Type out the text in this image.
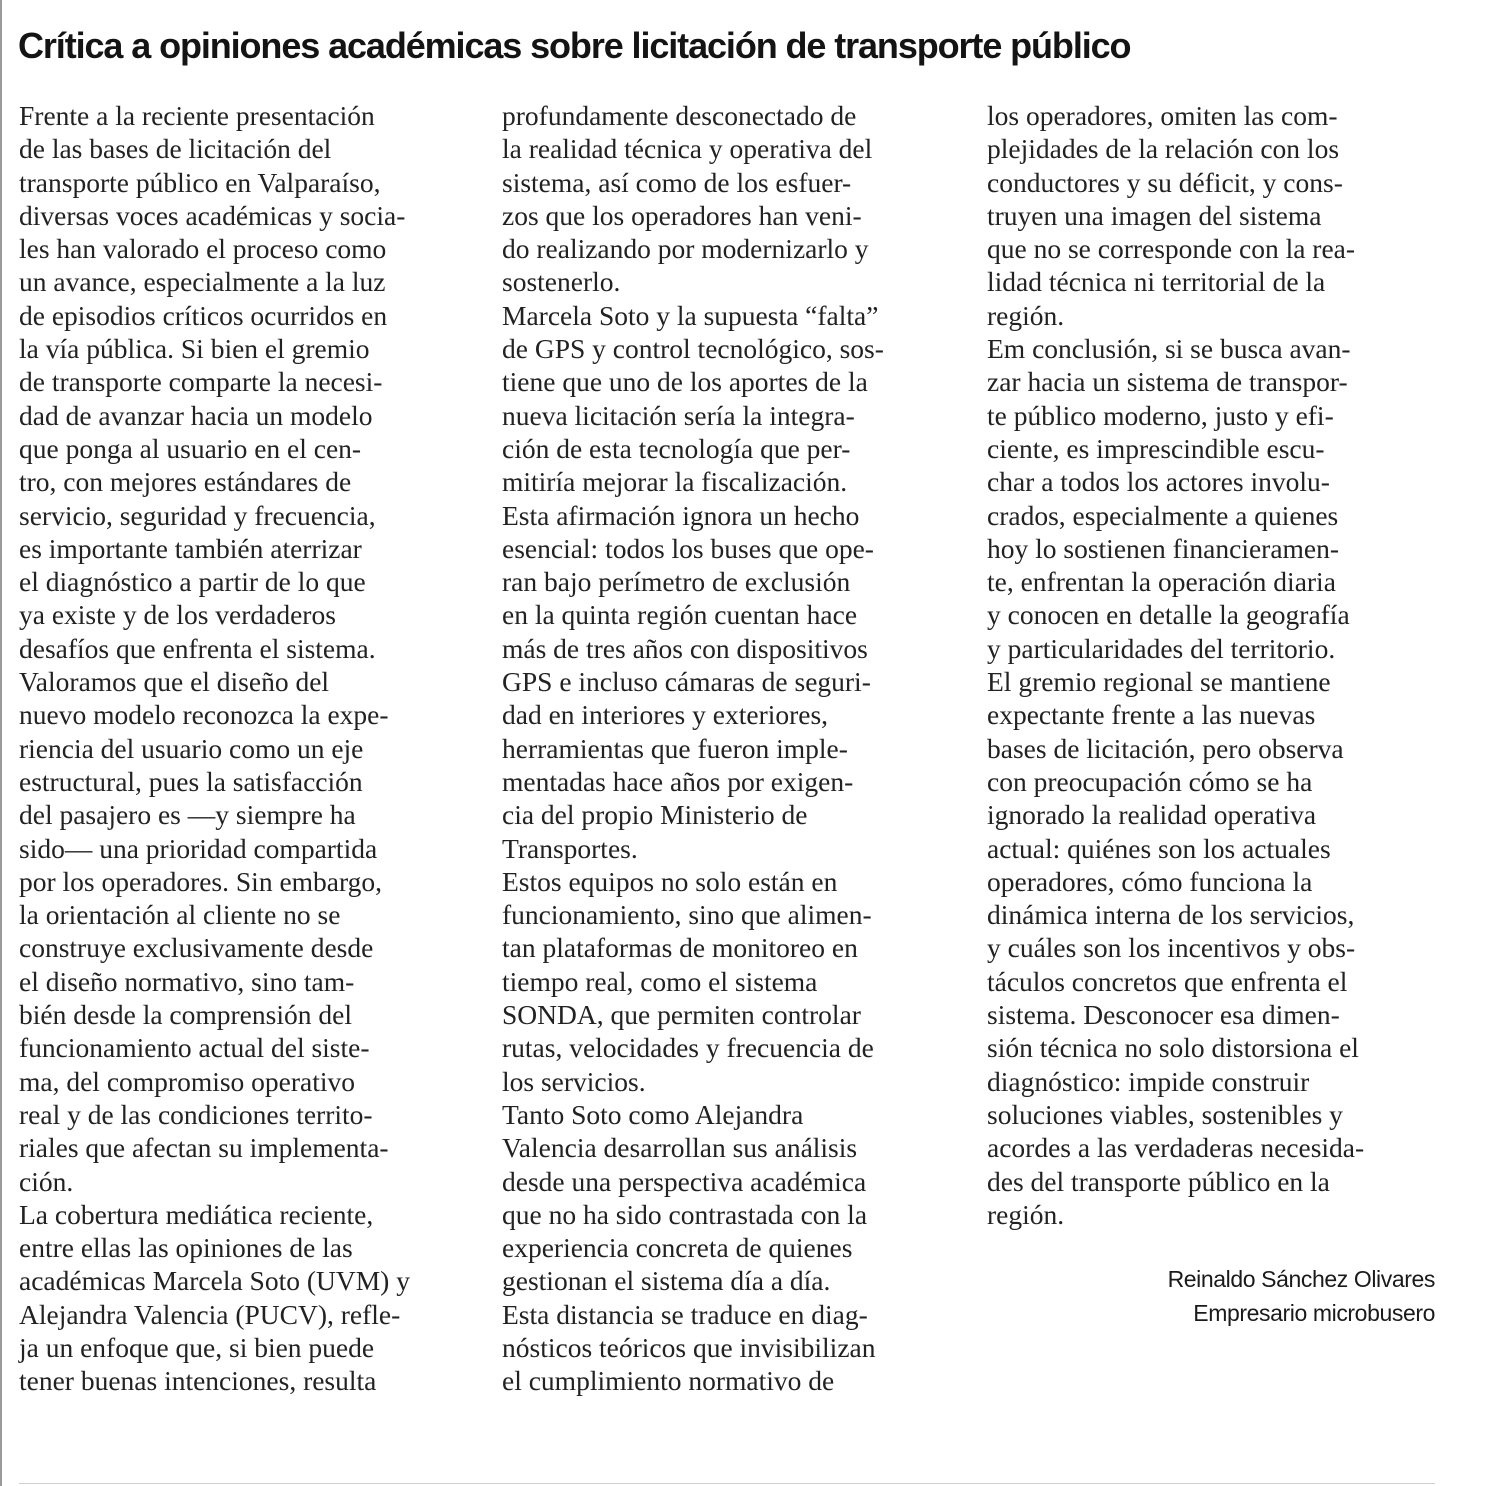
Crítica a opiniones académicas sobre licitación de transporte público
Frente a la reciente presentación
de las bases de licitación del
transporte público en Valparaíso,
diversas voces académicas y socia-
les han valorado el proceso como
un avance, especialmente a la luz
de episodios críticos ocurridos en
la vía pública. Si bien el gremio
de transporte comparte la necesi-
dad de avanzar hacia un modelo
que ponga al usuario en el cen-
tro, con mejores estándares de
servicio, seguridad y frecuencia,
es importante también aterrizar
el diagnóstico a partir de lo que
ya existe y de los verdaderos
desafíos que enfrenta el sistema.
Valoramos que el diseño del
nuevo modelo reconozca la expe-
riencia del usuario como un eje
estructural, pues la satisfacción
del pasajero es —y siempre ha
sido— una prioridad compartida
por los operadores. Sin embargo,
la orientación al cliente no se
construye exclusivamente desde
el diseño normativo, sino tam-
bién desde la comprensión del
funcionamiento actual del siste-
ma, del compromiso operativo
real y de las condiciones territo-
riales que afectan su implementa-
ción.
La cobertura mediática reciente,
entre ellas las opiniones de las
académicas Marcela Soto (UVM) y
Alejandra Valencia (PUCV), refle-
ja un enfoque que, si bien puede
tener buenas intenciones, resulta
profundamente desconectado de
la realidad técnica y operativa del
sistema, así como de los esfuer-
zos que los operadores han veni-
do realizando por modernizarlo y
sostenerlo.
Marcela Soto y la supuesta “falta”
de GPS y control tecnológico, sos-
tiene que uno de los aportes de la
nueva licitación sería la integra-
ción de esta tecnología que per-
mitiría mejorar la fiscalización.
Esta afirmación ignora un hecho
esencial: todos los buses que ope-
ran bajo perímetro de exclusión
en la quinta región cuentan hace
más de tres años con dispositivos
GPS e incluso cámaras de seguri-
dad en interiores y exteriores,
herramientas que fueron imple-
mentadas hace años por exigen-
cia del propio Ministerio de
Transportes.
Estos equipos no solo están en
funcionamiento, sino que alimen-
tan plataformas de monitoreo en
tiempo real, como el sistema
SONDA, que permiten controlar
rutas, velocidades y frecuencia de
los servicios.
Tanto Soto como Alejandra
Valencia desarrollan sus análisis
desde una perspectiva académica
que no ha sido contrastada con la
experiencia concreta de quienes
gestionan el sistema día a día.
Esta distancia se traduce en diag-
nósticos teóricos que invisibilizan
el cumplimiento normativo de
los operadores, omiten las com-
plejidades de la relación con los
conductores y su déficit, y cons-
truyen una imagen del sistema
que no se corresponde con la rea-
lidad técnica ni territorial de la
región.
Em conclusión, si se busca avan-
zar hacia un sistema de transpor-
te público moderno, justo y efi-
ciente, es imprescindible escu-
char a todos los actores involu-
crados, especialmente a quienes
hoy lo sostienen financieramen-
te, enfrentan la operación diaria
y conocen en detalle la geografía
y particularidades del territorio.
El gremio regional se mantiene
expectante frente a las nuevas
bases de licitación, pero observa
con preocupación cómo se ha
ignorado la realidad operativa
actual: quiénes son los actuales
operadores, cómo funciona la
dinámica interna de los servicios,
y cuáles son los incentivos y obs-
táculos concretos que enfrenta el
sistema. Desconocer esa dimen-
sión técnica no solo distorsiona el
diagnóstico: impide construir
soluciones viables, sostenibles y
acordes a las verdaderas necesida-
des del transporte público en la
región.
Reinaldo Sánchez Olivares
Empresario microbusero
